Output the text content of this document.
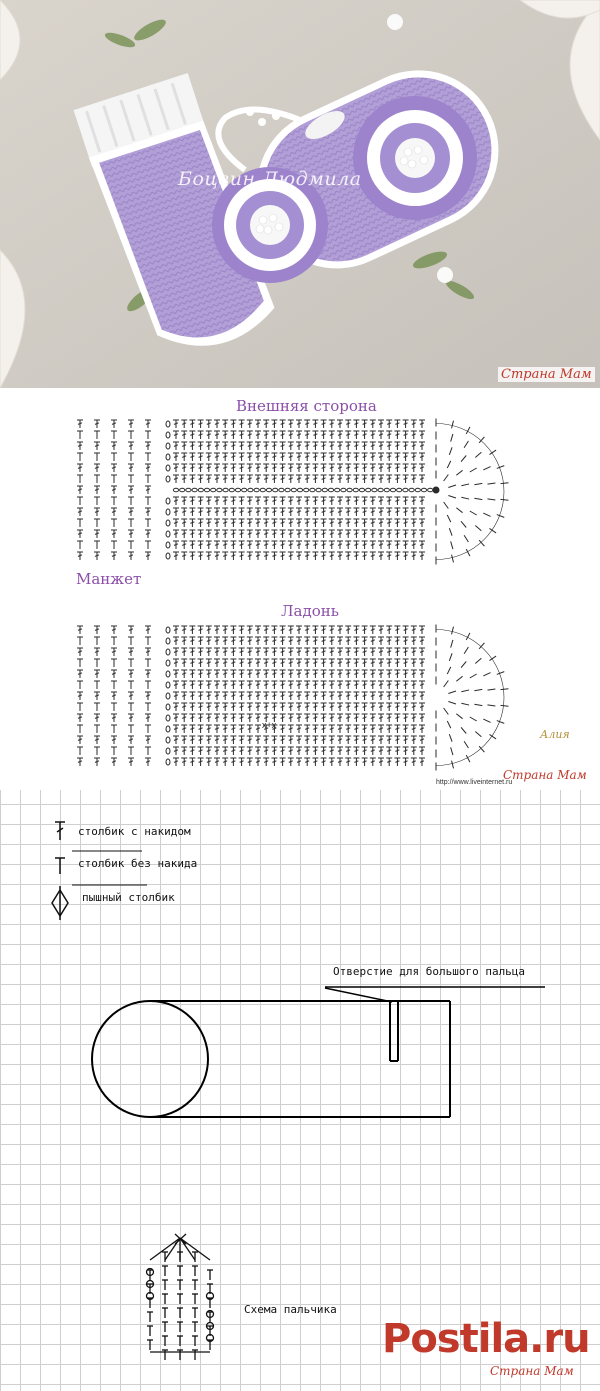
Боцвин Людмила
Страна Мам
Внешняя сторона
Манжет
Ладонь
x+x
Алия
Страна Мам
http://www.liveinternet.ru
столбик с накидом
столбик без накида
пышный столбик
Отверстие для большого пальца
Схема пальчика
Postila.ru
Страна Мам
